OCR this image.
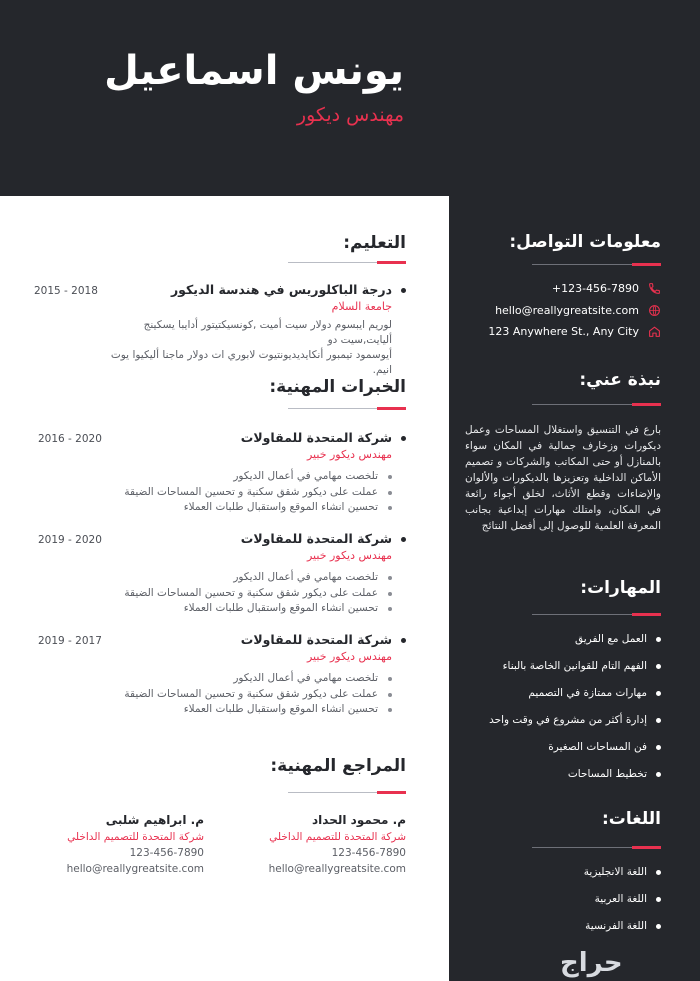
يونس اسماعيل
مهندس ديكور
معلومات التواصل:
+123-456-7890
hello@reallygreatsite.com
123 Anywhere St., Any City
نبذة عني:
بارع في التنسيق واستغلال المساحات وعمل ديكورات وزخارف جمالية في المكان سواء بالمنازل أو حتى المكاتب والشركات و تصميم الأماكن الداخلية وتعزيزها بالديكورات والألوان والإضاءات وقطع الأثاث، لخلق أجواء رائعة في المكان، وامتلك مهارات إبداعية بجانب المعرفة العلمية للوصول إلى أفضل النتائج
المهارات:
العمل مع الفريق
الفهم التام للقوانين الخاصة بالبناء
مهارات ممتازة في التصميم
إدارة أكثر من مشروع في وقت واحد
فن المساحات الصغيرة
تخطيط المساحات
اللغات:
اللغة الانجليزية
اللغة العربية
اللغة الفرنسية
التعليم:
درجة الباكلوريس في هندسة الديكور
جامعة السلام
2015 - 2018
لوريم ايبسوم دولار سيت أميت ,كونسيكتيتور أدايبا يسكينج أليايت,سيت دو
أيوسمود تيمبور أنكايديديونتيوت لابوري ات دولار ماجنا أليكيوا يوت انيم.
الخبرات المهنية:
شركة المتحدة للمقاولات
مهندس ديكور خبير
2016 - 2020
تلخصت مهامي في أعمال الديكور
عملت على ديكور شقق سكنية و تحسين المساحات الضيقة
تحسين انشاء الموقع واستقبال طلبات العملاء
شركة المتحدة للمقاولات
مهندس ديكور خبير
2019 - 2020
تلخصت مهامي في أعمال الديكور
عملت على ديكور شقق سكنية و تحسين المساحات الضيقة
تحسين انشاء الموقع واستقبال طلبات العملاء
شركة المتحدة للمقاولات
مهندس ديكور خبير
2019 - 2017
تلخصت مهامي في أعمال الديكور
عملت على ديكور شقق سكنية و تحسين المساحات الضيقة
تحسين انشاء الموقع واستقبال طلبات العملاء
المراجع المهنية:
م. محمود الحداد
شركة المتحدة للتصميم الداخلي
123-456-7890
hello@reallygreatsite.com
م. ابراهيم شلبى
شركة المتحدة للتصميم الداخلي
123-456-7890
hello@reallygreatsite.com
حراج
